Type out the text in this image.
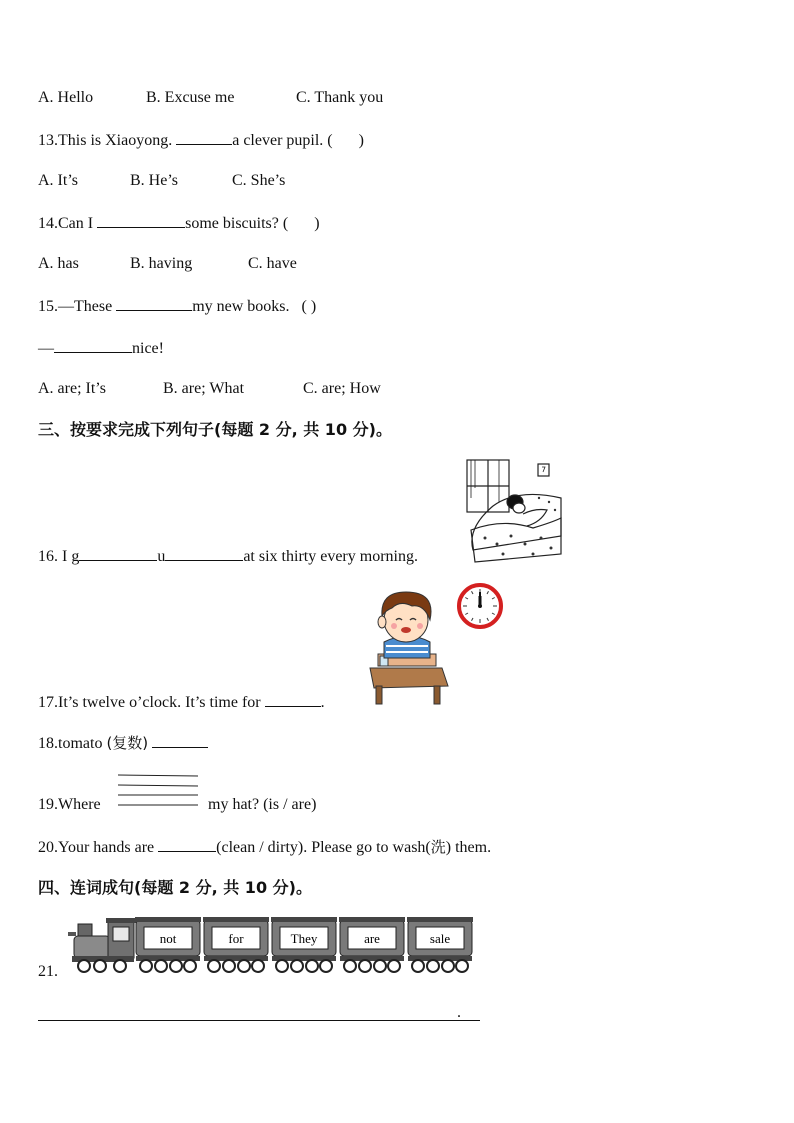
A. Hello	B. Excuse me	C. Thank you
13.This is Xiaoyong.	a clever pupil. ( )
A. It’s	B. He’s	C. She’s
14.Can I	some biscuits? ( )
A. has	B. having	C. have
15.—These	my new books. ( )
—	nice!
A. are; It’s	B. are; What	C. are; How
三、按要求完成下列句子(每题 2 分, 共 10 分)。
16. I g	u	at six thirty every morning.
17.It’s twelve o’clock. It’s time for	.
18.tomato (复数)
19.Where	my hat? (is / are)
20.Your hands are	(clean / dirty). Please go to wash(洗) them.
四、连词成句(每题 2 分, 共 10 分)。
21.
not	for	They	are	sale
.
